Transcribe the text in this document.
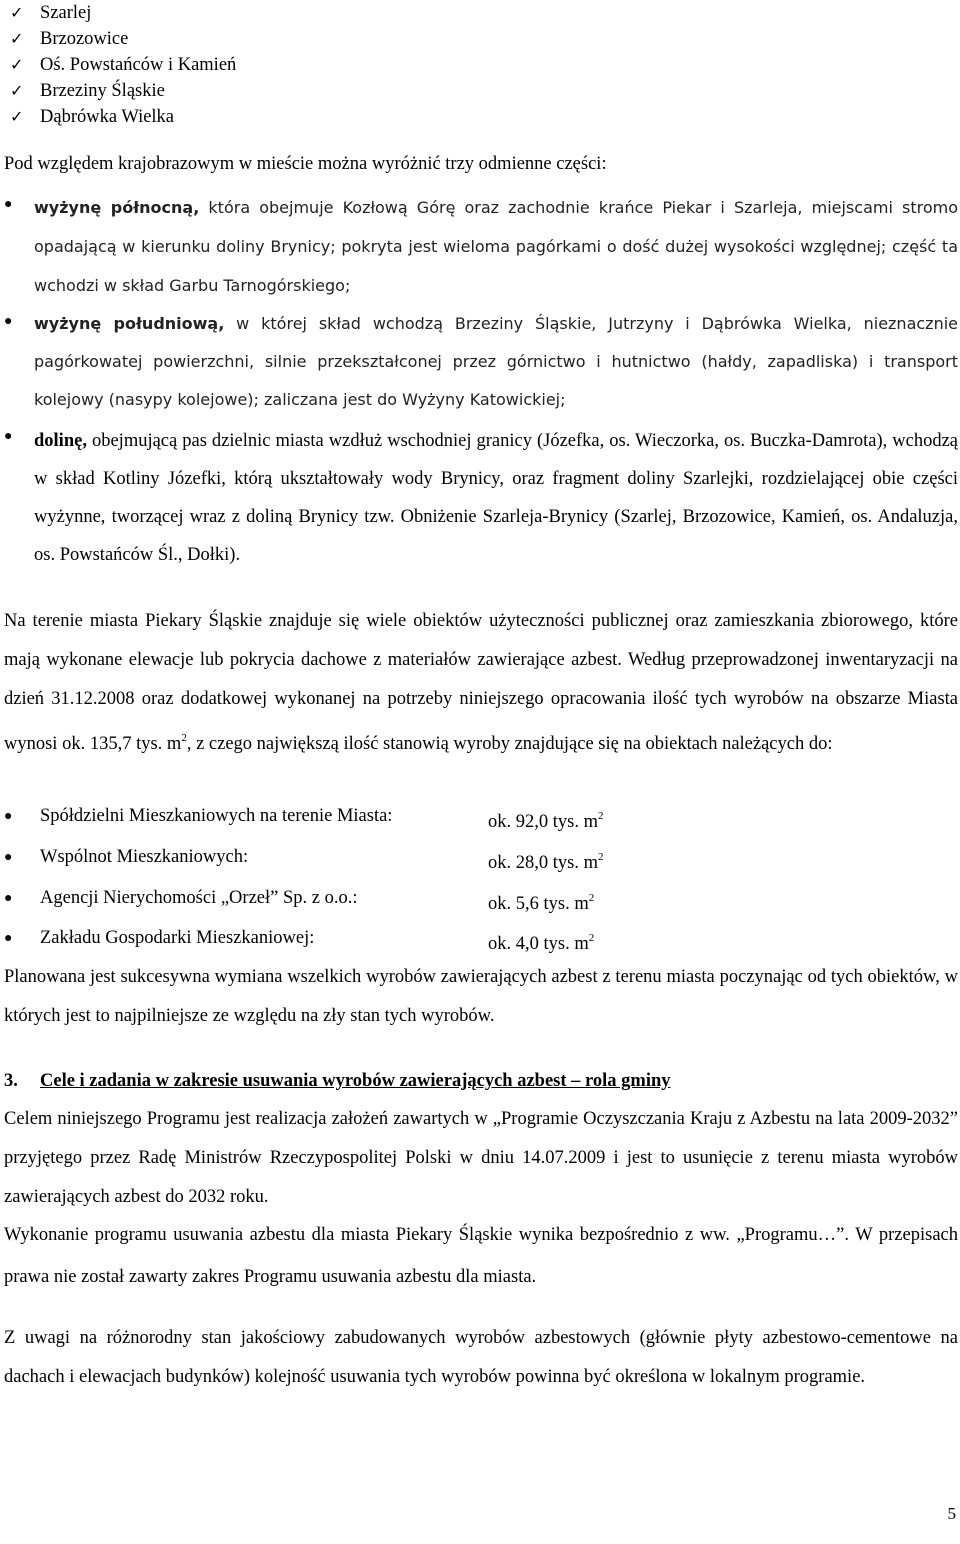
✓ Szarlej
✓ Brzozowice
✓ Oś. Powstańców i Kamień
✓ Brzeziny Śląskie
✓ Dąbrówka Wielka
Pod względem krajobrazowym w mieście można wyróżnić trzy odmienne części:
●	wyżynę północną, która obejmuje Kozłową Górę oraz zachodnie krańce Piekar i Szarleja, miejscami stromo opadającą w kierunku doliny Brynicy; pokryta jest wieloma pagórkami o dość dużej wysokości względnej; część ta wchodzi w skład Garbu Tarnogórskiego;
●	wyżynę południową, w której skład wchodzą Brzeziny Śląskie, Jutrzyny i Dąbrówka Wielka, nieznacznie pagórkowatej powierzchni, silnie przekształconej przez górnictwo i hutnictwo (hałdy, zapadliska) i transport kolejowy (nasypy kolejowe); zaliczana jest do Wyżyny Katowickiej;
●	dolinę, obejmującą pas dzielnic miasta wzdłuż wschodniej granicy (Józefka, os. Wieczorka, os. Buczka-Damrota), wchodzą w skład Kotliny Józefki, którą ukształtowały wody Brynicy, oraz fragment doliny Szarlejki, rozdzielającej obie części wyżynne, tworzącej wraz z doliną Brynicy tzw. Obniżenie Szarleja-Brynicy (Szarlej, Brzozowice, Kamień, os. Andaluzja, os. Powstańców Śl., Dołki).
Na terenie miasta Piekary Śląskie znajduje się wiele obiektów użyteczności publicznej oraz zamieszkania zbiorowego, które mają wykonane elewacje lub pokrycia dachowe z materiałów zawierające azbest. Według przeprowadzonej inwentaryzacji na dzień 31.12.2008 oraz dodatkowej wykonanej na potrzeby niniejszego opracowania ilość tych wyrobów na obszarze Miasta wynosi ok. 135,7 tys. $m^2$, z czego największą ilość stanowią wyroby znajdujące się na obiektach należących do:
●	Spółdzielni Mieszkaniowych na terenie Miasta:	ok. 92,0 tys. $m^2$
●	Wspólnot Mieszkaniowych:	ok. 28,0 tys. $m^2$
●	Agencji Nierychomości „Orzeł” Sp. z o.o.:	ok. 5,6 tys. $m^2$
●	Zakładu Gospodarki Mieszkaniowej:	ok. 4,0 tys. $m^2$
Planowana jest sukcesywna wymiana wszelkich wyrobów zawierających azbest z terenu miasta poczynając od tych obiektów, w których jest to najpilniejsze ze względu na zły stan tych wyrobów.
3. Cele i zadania w zakresie usuwania wyrobów zawierających azbest – rola gminy
Celem niniejszego Programu jest realizacja założeń zawartych w „Programie Oczyszczania Kraju z Azbestu na lata 2009-2032” przyjętego przez Radę Ministrów Rzeczypospolitej Polski w dniu 14.07.2009 i jest to usunięcie z terenu miasta wyrobów zawierających azbest do 2032 roku.
Wykonanie programu usuwania azbestu dla miasta Piekary Śląskie wynika bezpośrednio z ww. „Programu…”. W przepisach prawa nie został zawarty zakres Programu usuwania azbestu dla miasta.
Z uwagi na różnorodny stan jakościowy zabudowanych wyrobów azbestowych (głównie płyty azbestowo-cementowe na dachach i elewacjach budynków) kolejność usuwania tych wyrobów powinna być określona w lokalnym programie.
5
